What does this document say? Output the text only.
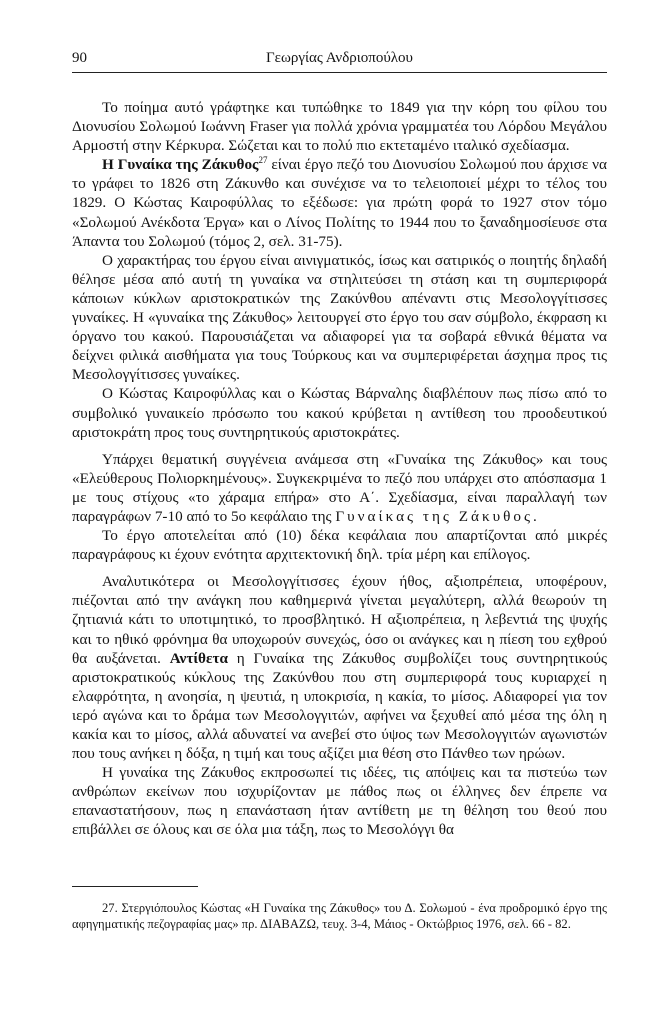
90	Γεωργίας Ανδριοπούλου

Το ποίημα αυτό γράφτηκε και τυπώθηκε το 1849 για την κόρη του φίλου του Διονυσίου Σολωμού Ιωάννη Fraser για πολλά χρόνια γραμματέα του Λόρδου Μεγάλου Αρμοστή στην Κέρκυρα. Σώζεται και το πολύ πιο εκτεταμένο ιταλικό σχεδίασμα.

Η Γυναίκα της Ζάκυθος$^{27}$ είναι έργο πεζό του Διονυσίου Σολωμού που άρχισε να το γράφει το 1826 στη Ζάκυνθο και συνέχισε να το τελειοποιεί μέχρι το τέλος του 1829. Ο Κώστας Καιροφύλλας το εξέδωσε: για πρώτη φορά το 1927 στον τόμο «Σολωμού Ανέκδοτα Έργα» και ο Λίνος Πολίτης το 1944 που το ξαναδημοσίευσε στα Άπαντα του Σολωμού (τόμος 2, σελ. 31-75).

Ο χαρακτήρας του έργου είναι αινιγματικός, ίσως και σατιρικός ο ποιητής δηλαδή θέλησε μέσα από αυτή τη γυναίκα να στηλιτεύσει τη στάση και τη συμπεριφορά κάποιων κύκλων αριστοκρατικών της Ζακύνθου απέναντι στις Μεσολογγίτισσες γυναίκες. Η «γυναίκα της Ζάκυθος» λειτουργεί στο έργο του σαν σύμβολο, έκφραση κι όργανο του κακού. Παρουσιάζεται να αδιαφορεί για τα σοβαρά εθνικά θέματα να δείχνει φιλικά αισθήματα για τους Τούρκους και να συμπεριφέρεται άσχημα προς τις Μεσολογγίτισσες γυναίκες.

Ο Κώστας Καιροφύλλας και ο Κώστας Βάρναλης διαβλέπουν πως πίσω από το συμβολικό γυναικείο πρόσωπο του κακού κρύβεται η αντίθεση του προοδευτικού αριστοκράτη προς τους συντηρητικούς αριστοκράτες.

Υπάρχει θεματική συγγένεια ανάμεσα στη «Γυναίκα της Ζάκυθος» και τους «Ελεύθερους Πολιορκημένους». Συγκεκριμένα το πεζό που υπάρχει στο απόσπασμα 1 με τους στίχους «το χάραμα επήρα» στο Α΄. Σχεδίασμα, είναι παραλλαγή των παραγράφων 7-10 από το 5ο κεφάλαιο της Γυναίκας της Ζάκυθος.

Το έργο αποτελείται από (10) δέκα κεφάλαια που απαρτίζονται από μικρές παραγράφους κι έχουν ενότητα αρχιτεκτονική δηλ. τρία μέρη και επίλογος.

Αναλυτικότερα οι Μεσολογγίτισσες έχουν ήθος, αξιοπρέπεια, υποφέρουν, πιέζονται από την ανάγκη που καθημερινά γίνεται μεγαλύτερη, αλλά θεωρούν τη ζητιανιά κάτι το υποτιμητικό, το προσβλητικό. Η αξιοπρέπεια, η λεβεντιά της ψυχής και το ηθικό φρόνημα θα υποχωρούν συνεχώς, όσο οι ανάγκες και η πίεση του εχθρού θα αυξάνεται. Αντίθετα η Γυναίκα της Ζάκυθος συμβολίζει τους συντηρητικούς αριστοκρατικούς κύκλους της Ζακύνθου που στη συμπεριφορά τους κυριαρχεί η ελαφρότητα, η ανοησία, η ψευτιά, η υποκρισία, η κακία, το μίσος. Αδιαφορεί για τον ιερό αγώνα και το δράμα των Μεσολογγιτών, αφήνει να ξεχυθεί από μέσα της όλη η κακία και το μίσος, αλλά αδυνατεί να ανεβεί στο ύψος των Μεσολογγιτών αγωνιστών που τους ανήκει η δόξα, η τιμή και τους αξίζει μια θέση στο Πάνθεο των ηρώων.

Η γυναίκα της Ζάκυθος εκπροσωπεί τις ιδέες, τις απόψεις και τα πιστεύω των ανθρώπων εκείνων που ισχυρίζονταν με πάθος πως οι έλληνες δεν έπρεπε να επαναστατήσουν, πως η επανάσταση ήταν αντίθετη με τη θέληση του θεού που επιβάλλει σε όλους και σε όλα μια τάξη, πως το Μεσολόγγι θα

27. Στεργιόπουλος Κώστας «Η Γυναίκα της Ζάκυθος» του Δ. Σολωμού - ένα προδρομικό έργο της αφηγηματικής πεζογραφίας μας» πρ. ΔΙΑΒΑΖΩ, τευχ. 3-4, Μάιος - Οκτώβριος 1976, σελ. 66 - 82.
